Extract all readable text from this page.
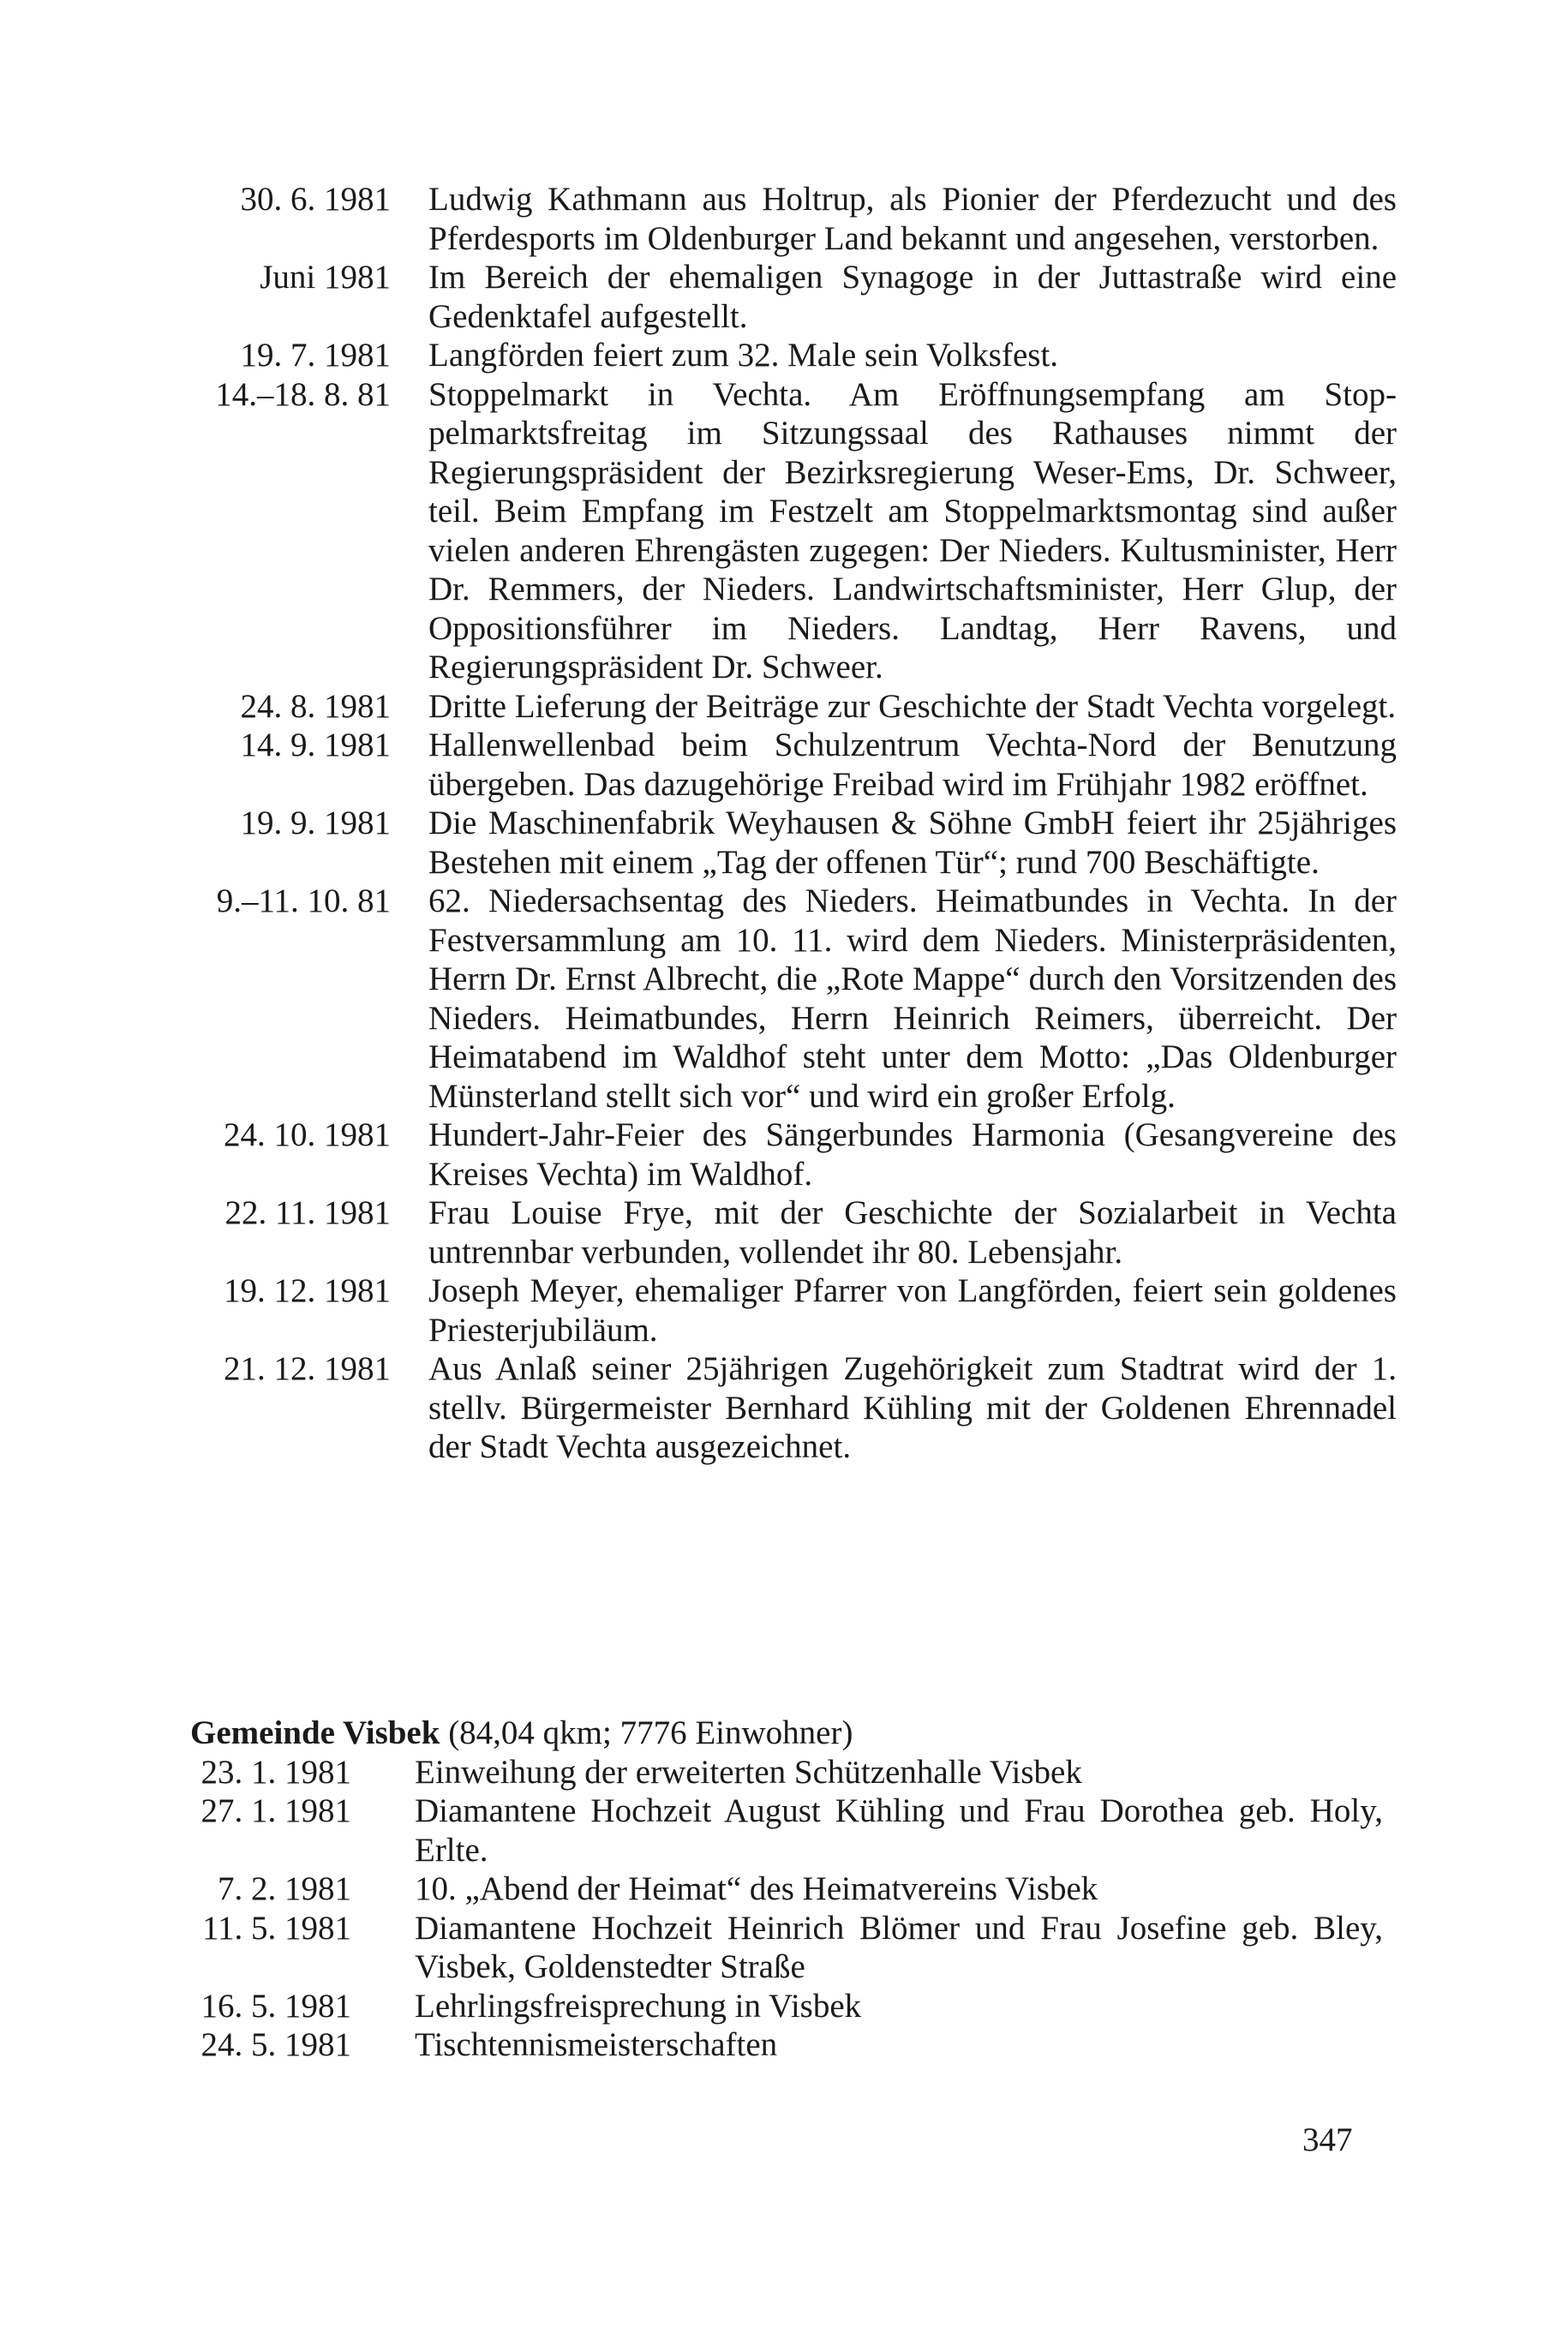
30. 6. 1981 Ludwig Kathmann aus Holtrup, als Pionier der Pferdezucht und des Pferdesports im Oldenburger Land bekannt und angesehen, verstorben.
Juni 1981 Im Bereich der ehemaligen Synagoge in der Juttastraße wird eine Gedenktafel aufgestellt.
19. 7. 1981 Langförden feiert zum 32. Male sein Volksfest.
14.–18. 8. 81 Stoppelmarkt in Vechta. Am Eröffnungsempfang am Stoppelmarktsfreitag im Sitzungssaal des Rathauses nimmt der Regierungspräsident der Bezirksregierung Weser-Ems, Dr. Schweer, teil. Beim Empfang im Festzelt am Stoppelmarktsmontag sind außer vielen anderen Ehrengästen zugegen: Der Nieders. Kultusminister, Herr Dr. Remmers, der Nieders. Landwirtschaftsminister, Herr Glup, der Oppositionsführer im Nieders. Landtag, Herr Ravens, und Regierungspräsident Dr. Schweer.
24. 8. 1981 Dritte Lieferung der Beiträge zur Geschichte der Stadt Vechta vorgelegt.
14. 9. 1981 Hallenwellenbad beim Schulzentrum Vechta-Nord der Benutzung übergeben. Das dazugehörige Freibad wird im Frühjahr 1982 eröffnet.
19. 9. 1981 Die Maschinenfabrik Weyhausen & Söhne GmbH feiert ihr 25jähriges Bestehen mit einem „Tag der offenen Tür“; rund 700 Beschäftigte.
9.–11. 10. 81 62. Niedersachsentag des Nieders. Heimatbundes in Vechta. In der Festversammlung am 10. 11. wird dem Nieders. Ministerpräsidenten, Herrn Dr. Ernst Albrecht, die „Rote Mappe“ durch den Vorsitzenden des Nieders. Heimatbundes, Herrn Heinrich Reimers, überreicht. Der Heimatabend im Waldhof steht unter dem Motto: „Das Oldenburger Münsterland stellt sich vor“ und wird ein großer Erfolg.
24. 10. 1981 Hundert-Jahr-Feier des Sängerbundes Harmonia (Gesangvereine des Kreises Vechta) im Waldhof.
22. 11. 1981 Frau Louise Frye, mit der Geschichte der Sozialarbeit in Vechta untrennbar verbunden, vollendet ihr 80. Lebensjahr.
19. 12. 1981 Joseph Meyer, ehemaliger Pfarrer von Langförden, feiert sein goldenes Priesterjubiläum.
21. 12. 1981 Aus Anlaß seiner 25jährigen Zugehörigkeit zum Stadtrat wird der 1. stellv. Bürgermeister Bernhard Kühling mit der Goldenen Ehrennadel der Stadt Vechta ausgezeichnet.
Gemeinde Visbek (84,04 qkm; 7776 Einwohner)
23. 1. 1981 Einweihung der erweiterten Schützenhalle Visbek
27. 1. 1981 Diamantene Hochzeit August Kühling und Frau Dorothea geb. Holy, Erlte.
7. 2. 1981 10. „Abend der Heimat“ des Heimatvereins Visbek
11. 5. 1981 Diamantene Hochzeit Heinrich Blömer und Frau Josefine geb. Bley, Visbek, Goldenstedter Straße
16. 5. 1981 Lehrlingsfreisprechung in Visbek
24. 5. 1981 Tischtennismeisterschaften
347
